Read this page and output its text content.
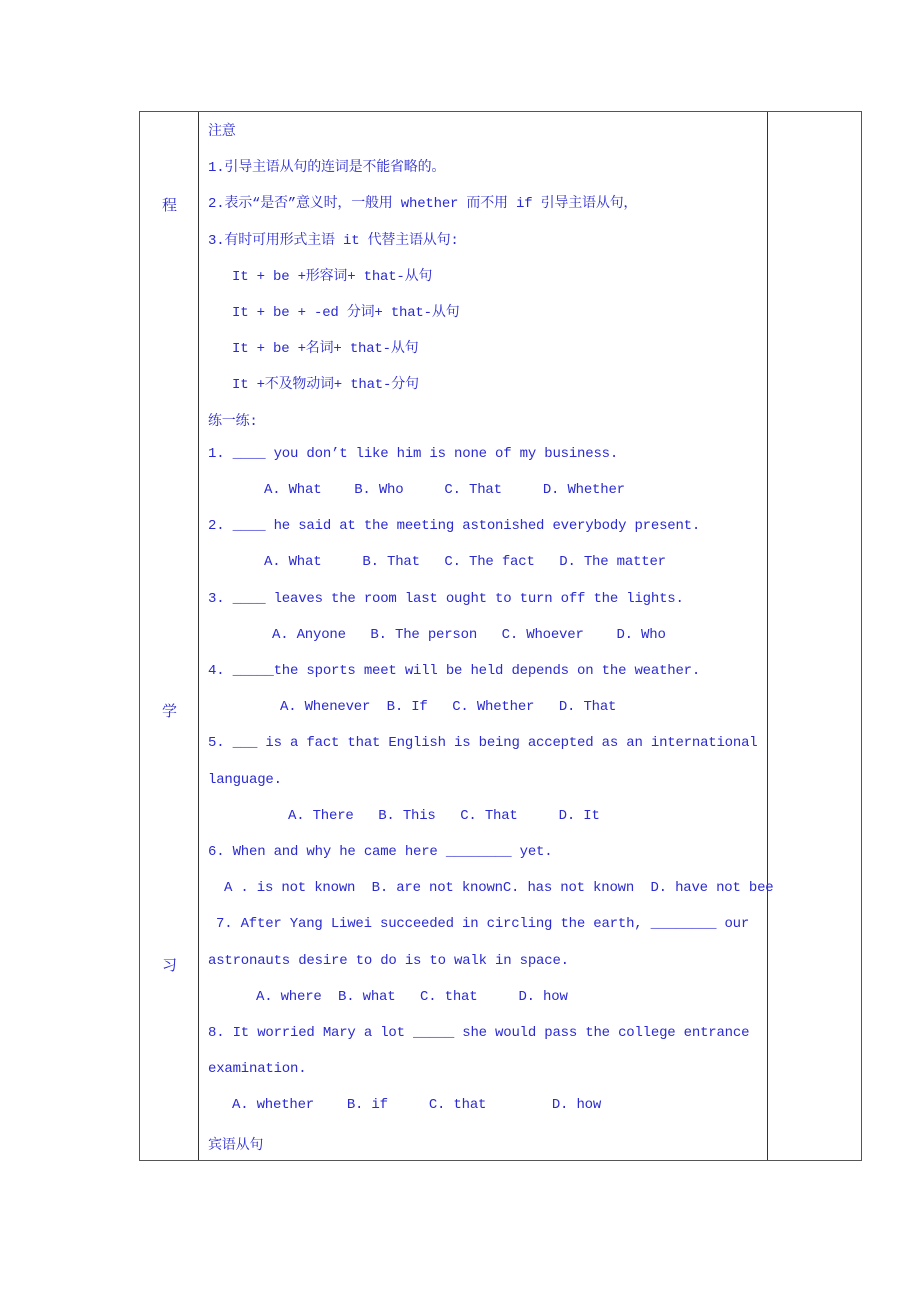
程
学
习
注意
1.引导主语从句的连词是不能省略的。
2.表示“是否”意义时，一般用 whether 而不用 if 引导主语从句，
3.有时可用形式主语 it 代替主语从句:
It + be +形容词+ that-从句
It + be + -ed 分词+ that-从句
It + be +名词+ that-从句
It +不及物动词+ that-分句
练一练:
1. ____ you don’t like him is none of my business.
A. What    B. Who     C. That     D. Whether
2. ____ he said at the meeting astonished everybody present.
A. What     B. That   C. The fact   D. The matter
3. ____ leaves the room last ought to turn off the lights.
A. Anyone   B. The person   C. Whoever    D. Who
4. _____the sports meet will be held depends on the weather.
A. Whenever  B. If   C. Whether   D. That
5. ___ is a fact that English is being accepted as an international
language.
A. There   B. This   C. That     D. It
6. When and why he came here ________ yet.
A . is not known  B. are not knownC. has not known  D. have not bee
7. After Yang Liwei succeeded in circling the earth, ________ our
astronauts desire to do is to walk in space.
A. where  B. what   C. that     D. how
8. It worried Mary a lot _____ she would pass the college entrance
examination.
A. whether    B. if     C. that        D. how
宾语从句
